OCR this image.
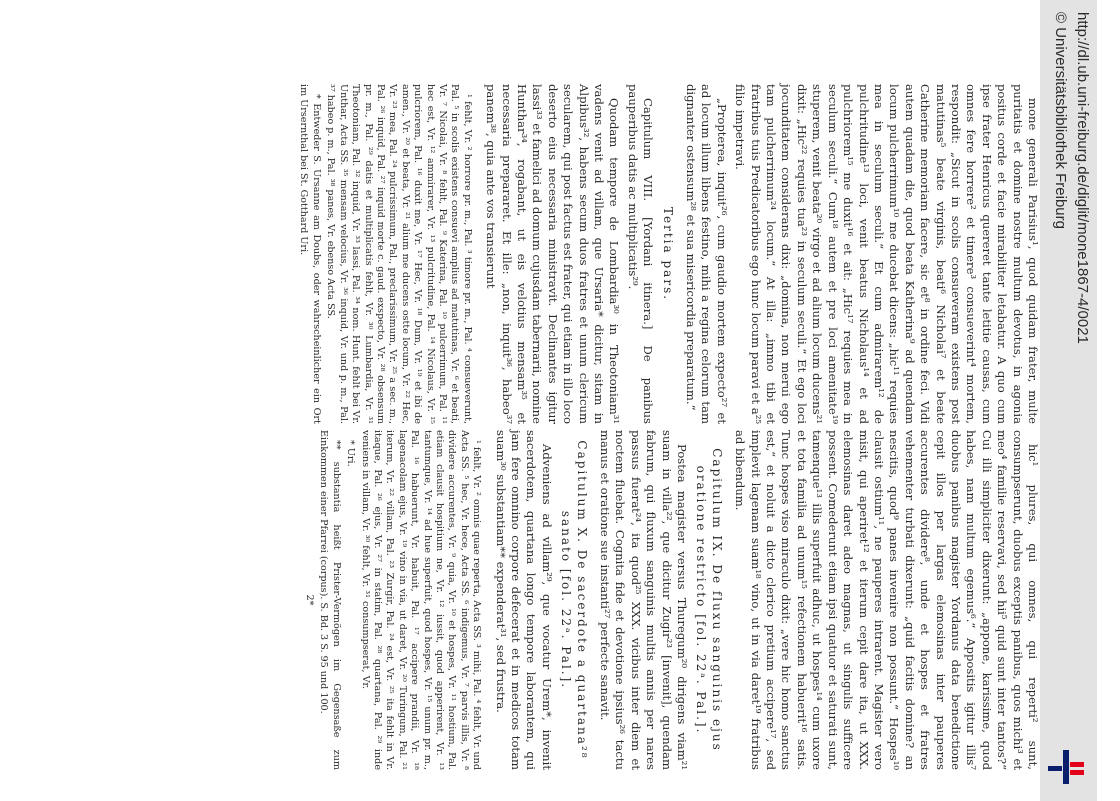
mone generali Parisius¹, quod quidam frater, multe puritatis et domine nostre multum devotus, in agonia positus corde et facie mirabiliter letabatur. A quo cum ipse frater Henricus quereret tante letitie causas, cum omnes fere horrere² et timere³ consueverint⁴ mortem, respondit: „Sicut in scolis consueveram existens post matutinas⁵ beate virginis, beati⁶ Nicholai⁷ et beate Catherine memoriam facere, sic et⁸ in ordine feci. Vidi autem quadam die, quod beata Katherina⁹ ad quendam locum pulcherrimum¹⁰ me ducebat dicens: „hic¹¹ requies mea in seculum seculi.“ Et cum admirarem¹² de pulchritudine¹³ loci, venit beatus Nicholaus¹⁴ et ad pulchriorem¹⁵ me duxit¹⁶ et ait: „Hic¹⁷ requies mea in seculum seculi.“ Cum¹⁸ autem et pre loci amenitate¹⁹ stuperem, venit beata²⁰ virgo et ad alium locum ducens²¹ dixit: „Hic²² requies tua²³ in seculum seculi.“ Et ego loci jocunditatem considerans dixi: „domina, non merui ego tam pulcherrimum²⁴ locum.“ At illa: „immo tibi et fratribus tuis Predicatoribus ego hunc locum paravi et a²⁵ filio impetravi.

„Propterea, inquit²⁶, cum gaudio mortem expecto²⁷ et ad locum illum libens festino, mihi a regina celorum tam dignanter ostensum²⁸ et sua misericordia preparatum.“

Tertia pars.

Capitulum VIII. [Yordani itinera.] De panibus pauperibus datis ac multiplicatis²⁹.

Quodam tempore de Lombardia³⁰ in Theotoniam³¹ vadens venit ad villam, que Ursaria* dicitur, sitam in Alpibus³², habens secum duos fratres et unum clericum secularem, qui post factus est frater, qui etiam in illo loco deserto eius necessaria ministravit. Declinantes igitur lassi³³ et famelici ad domum cujusdam tabernarii, nomine Hunthar³⁴, rogabant, ut eis velotius mensam³⁵ et necessaria prepararet. Et ille: „non, inquit³⁶, habeo³⁷ panem³⁸, quia ante vos transierunt

¹ fehlt, Vr. ² horrore pr. m., Pal. ³ timore pr. m., Pal. ⁴ consueverunt, Pal. ⁵ in scolis existens consuevi amplius ad matutinas, Vr. ⁶ et beati, Vr. ⁷ Nicolai, Vr. ⁸ fehlt, Pal. ⁹ Katerina, Pal. ¹⁰ pulcerrimum, Pal. ¹¹ hec est, Vr. ¹² ammirarer, Vr. ¹³ pulcritudine, Pal. ¹⁴ Nicolaus, Vr. ¹⁵ pulcriorem, Pal. ¹⁶ duxit me, Vr. ¹⁷ Hec, Vr. ¹⁸ Dum, Vr. ¹⁹ et ibi de amen., Vr. ²⁰ et beata, Vr. ²¹ alium me ducens ostte locum, Vr. ²² Hec, Vr. ²³ mea, Pal. ²⁴ pulcrissimum, Pal., preclarissimum, Vr. ²⁵ a sec. m., Pal. ²⁶ inquid, Pal. ²⁷ inquid morte c. gaud. exspecto, Vr. ²⁸ obsensum pr. m., Pal. ²⁹ datis et multiplicatis fehlt, Vr. ³⁰ Lumbardia, Vr. ³¹ Theotoniam, Pal. ³² inquid, Vr. ³³ lassi, Pal. ³⁴ nom. Hunt. fehlt bei Vr. Unthar, Acta SS. ³⁵ mensam velocius, Vr. ³⁶ inquid, Vr. und p. m., Pal. ³⁷ habeo p. m., Pal. ³⁸ panes, Vr. ebenso Acta SS.

* Entweder S. Ursanne am Doubs, oder wahrscheinlicher ein Ort im Ursernthal bei St. Gotthard Uri.

hic¹ plures, qui omnes, qui reperti² sunt, consumpserunt, duobus exceptis panibus, quos michi³ et meo⁴ familie reservavi, sed hii⁵ quid sunt inter tantos?“ Cui illi simpliciter dixerunt: „appone, karissime, quod habes, nam multum egemus⁶.“ Appositis igitur illis⁷ duobus panibus magister Yordanus data benedictione cepit illos per largas elemosinas inter pauperes accurentes dividere⁸, unde et hospes et fratres vehementer turbati dixerunt: „quid facitis domine? an nescitis, quod⁹ panes invenire non possunt.“ Hospes¹⁰ clausit ostium¹¹, ne pauperes intrarent. Magister vero misit, qui aperiret¹² et iterum cepit dare ita, ut XXX. elemosinas daret adeo magnas, ut singulis sufficere possent. Comederunt etiam ipsi quatuor et saturati sunt, tamenque¹³ illis superfuit adhuc, ut hospes¹⁴ cum uxore et tota familia ad unum¹⁵ refectionem habuerit¹⁶ satis. Tunc hospes viso miraculo dixit: „vere hic homo sanctus est,“ et noluit a dicto clerico pretium accipere¹⁷, sed implevit lagenam suam¹⁸ vino, ut in via daret¹⁹ fratribus ad bibendum.

Capitulum IX. De fluxu sanguinis ejus oratione restricto [fol. 22ᵃ. Pal.].

Postea magister versus Thuregum²⁰ dirigens viam²¹ suam in villa²², que dicitur Zugir²³ [invenit], quendam fabrum, qui fluxum sanguinis multis annis per nares passus fuerat²⁴, ita quod²⁵ XXX. vicibus inter diem et noctem fluebat. Cognita fide et devotione ipsius²⁶ tactu manus et oratione sue instanti²⁷ perfecte sanavit.

Capitulum X. De sacerdote a quartana²⁸ sanato [fol. 22ᵃ. Pal.].

Adveniens ad villam²⁹, que vocatur Urem*, invenit sacerdotem, quartana longo tempore laborantem, qui jam fere omnino corpore defecerat et in medicos totam suam³⁰ substantiam** expenderat³¹, sed frustra.

¹ fehlt, Vr. ² omnis quae reperta, Acta SS. ³ mihi, Pal. ⁴ fehlt, Vr. und Acta SS. ⁵ hec, Vr. hece, Acta SS. ⁶ indigemus, Vr. ⁷ parvis illis, Vr. ⁸ dividere accurentes, Vr. ⁹ quia, Vr. ¹⁰ et hospes, Vr. ¹¹ hostium, Pal. etiam clausit hospitium ne, Vr. ¹² iussit, quod apperirent, Vr. ¹³ tantumque, Vr. ¹⁴ ad hue superfuit, quod hospes, Vr. ¹⁵ unum pr. m., Pal. ¹⁶ habuerunt, Vr. habuit, Pal. ¹⁷ accipere prandii, Vr. ¹⁸ lagenacolam ejus, Vr. ¹⁹ vino in via, ut daret, Vr. ²⁰ Turingum, Pal. ²¹ iterum, Vr. ²² villam, Pal. ²³ Zurgir, Pal. ²⁴ est, Vr. ²⁵ ita fehlt in Vr. itaque, Pal. ²⁶ ejus, Vr. ²⁷ in statim, Pal. ²⁸ quartana, Pal. ²⁹ inde veniens in villam, Vr. ³⁰ fehlt, Vr. ³¹ consumpserat, Vr.

* Uri.

** substantia heißt Prister-Vermögen im Gegensaße zum Einkommen einer Pfarrei (corpus). S. Bd. 3 S. 95 und 100.

2*

http://dl.ub.uni-freiburg.de/diglit/mone1867-4/0021
© Universitätsbibliothek Freiburg
